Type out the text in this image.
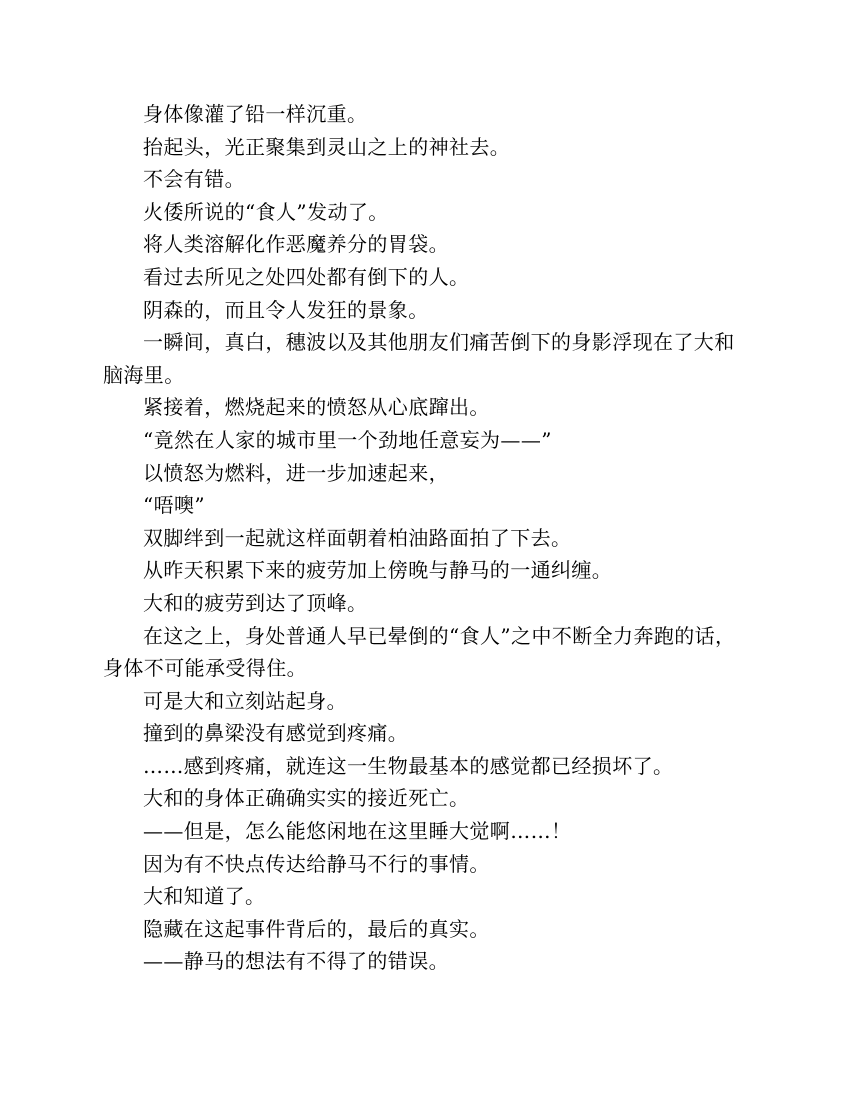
身体像灌了铅一样沉重。

抬起头，光正聚集到灵山之上的神社去。

不会有错。

火倭所说的“食人”发动了。

将人类溶解化作恶魔养分的胃袋。

看过去所见之处四处都有倒下的人。

阴森的，而且令人发狂的景象。

一瞬间，真白，穗波以及其他朋友们痛苦倒下的身影浮现在了大和脑海里。

紧接着，燃烧起来的愤怒从心底蹿出。

“竟然在人家的城市里一个劲地任意妄为——”

以愤怒为燃料，进一步加速起来，

“唔噢”

双脚绊到一起就这样面朝着柏油路面拍了下去。

从昨天积累下来的疲劳加上傍晚与静马的一通纠缠。

大和的疲劳到达了顶峰。

在这之上，身处普通人早已晕倒的“食人”之中不断全力奔跑的话，身体不可能承受得住。

可是大和立刻站起身。

撞到的鼻梁没有感觉到疼痛。

……感到疼痛，就连这一生物最基本的感觉都已经损坏了。

大和的身体正确确实实的接近死亡。

——但是，怎么能悠闲地在这里睡大觉啊……！

因为有不快点传达给静马不行的事情。

大和知道了。

隐藏在这起事件背后的，最后的真实。

——静马的想法有不得了的错误。
